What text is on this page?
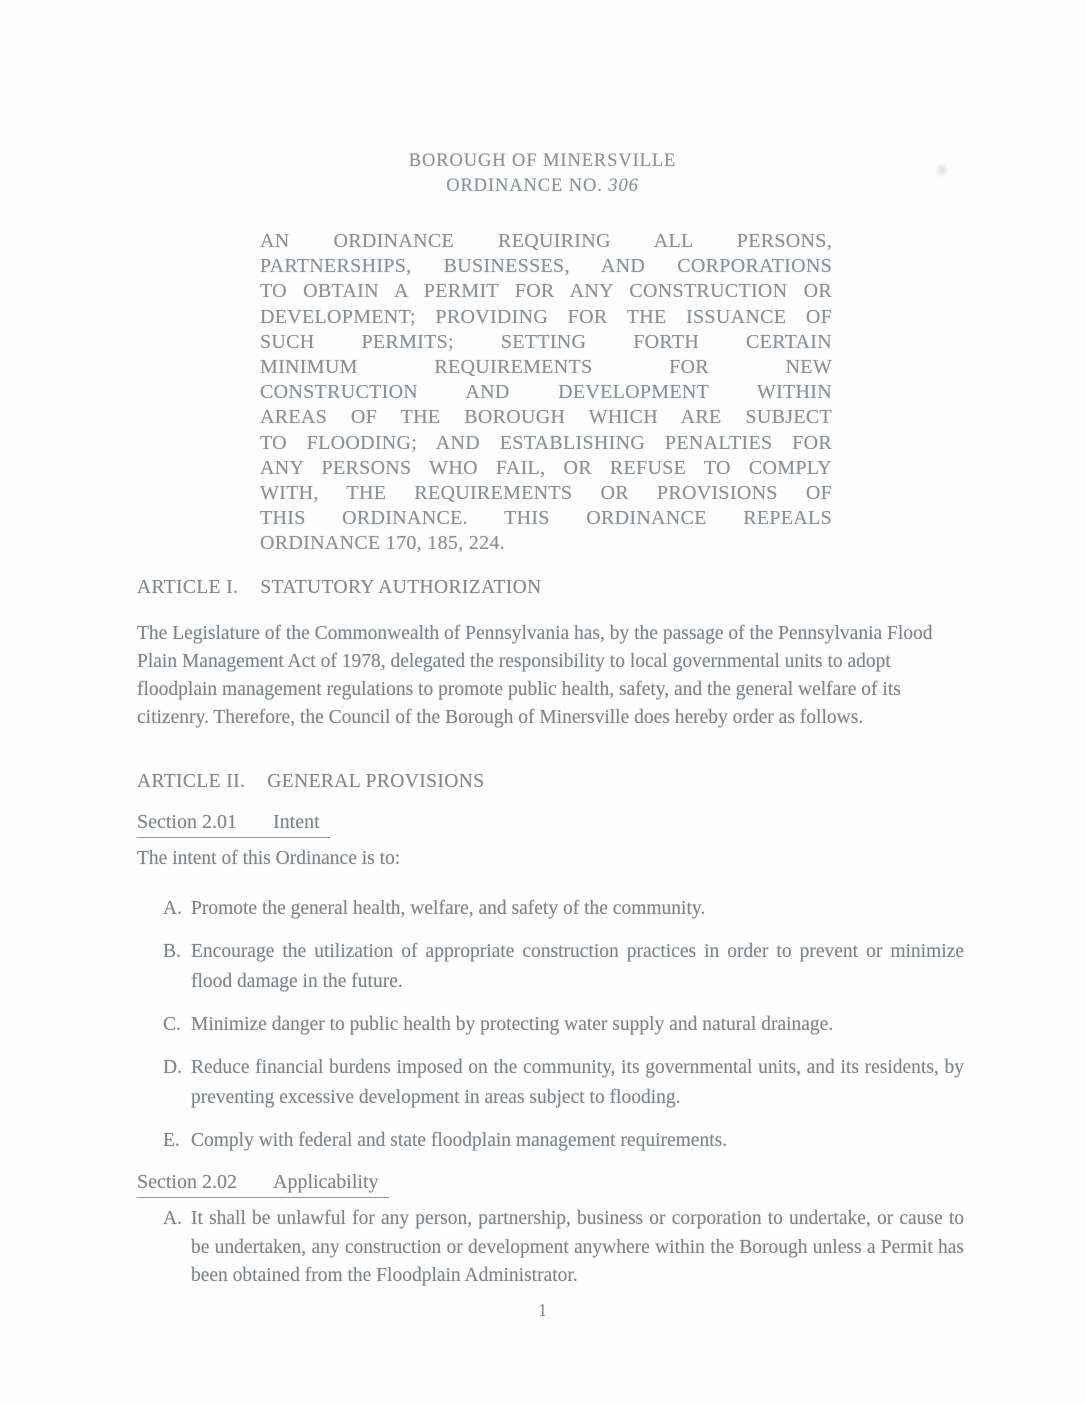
BOROUGH OF MINERSVILLE
ORDINANCE NO. 306
AN ORDINANCE REQUIRING ALL PERSONS,
PARTNERSHIPS, BUSINESSES, AND CORPORATIONS
TO OBTAIN A PERMIT FOR ANY CONSTRUCTION OR
DEVELOPMENT; PROVIDING FOR THE ISSUANCE OF
SUCH PERMITS; SETTING FORTH CERTAIN
MINIMUM REQUIREMENTS FOR NEW
CONSTRUCTION AND DEVELOPMENT WITHIN
AREAS OF THE BOROUGH WHICH ARE SUBJECT
TO FLOODING; AND ESTABLISHING PENALTIES FOR
ANY PERSONS WHO FAIL, OR REFUSE TO COMPLY
WITH, THE REQUIREMENTS OR PROVISIONS OF
THIS ORDINANCE. THIS ORDINANCE REPEALS
ORDINANCE 170, 185, 224.
ARTICLE I. STATUTORY AUTHORIZATION
The Legislature of the Commonwealth of Pennsylvania has, by the passage of the Pennsylvania Flood Plain Management Act of 1978, delegated the responsibility to local governmental units to adopt floodplain management regulations to promote public health, safety, and the general welfare of its citizenry. Therefore, the Council of the Borough of Minersville does hereby order as follows.
ARTICLE II. GENERAL PROVISIONS
Section 2.01 Intent
The intent of this Ordinance is to:
A. Promote the general health, welfare, and safety of the community.
B. Encourage the utilization of appropriate construction practices in order to prevent or minimize flood damage in the future.
C. Minimize danger to public health by protecting water supply and natural drainage.
D. Reduce financial burdens imposed on the community, its governmental units, and its residents, by preventing excessive development in areas subject to flooding.
E. Comply with federal and state floodplain management requirements.
Section 2.02 Applicability
A. It shall be unlawful for any person, partnership, business or corporation to undertake, or cause to be undertaken, any construction or development anywhere within the Borough unless a Permit has been obtained from the Floodplain Administrator.
1
